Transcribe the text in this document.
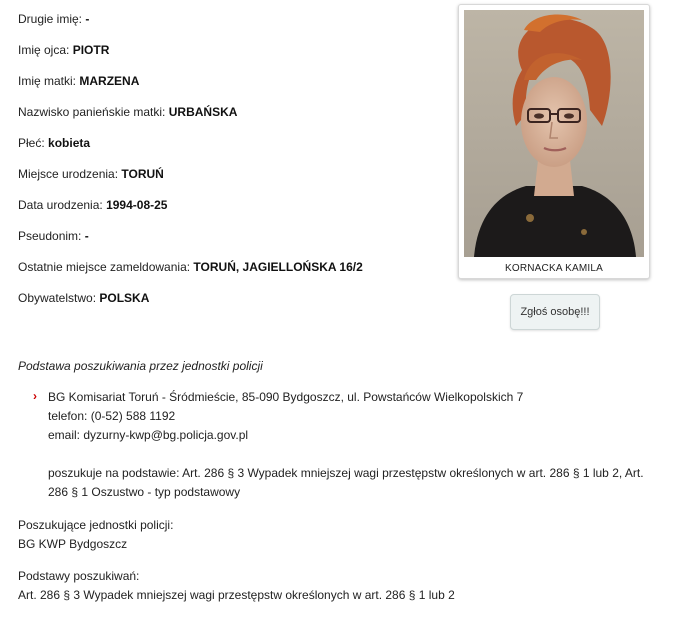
Drugie imię: -
Imię ojca: PIOTR
Imię matki: MARZENA
Nazwisko panieńskie matki: URBAŃSKA
Płeć: kobieta
Miejsce urodzenia: TORUŃ
Data urodzenia: 1994-08-25
Pseudonim: -
Ostatnie miejsce zameldowania: TORUŃ, JAGIELLOŃSKA 16/2
Obywatelstwo: POLSKA
KORNACKA KAMILA
Zgłoś osobę!!!
Podstawa poszukiwania przez jednostki policji
› BG Komisariat Toruń - Śródmieście, 85-090 Bydgoszcz, ul. Powstańców Wielkopolskich 7
telefon: (0-52) 588 1192
email: dyzurny-kwp@bg.policja.gov.pl
poszukuje na podstawie: Art. 286 § 3 Wypadek mniejszej wagi przestępstw określonych w art. 286 § 1 lub 2, Art.
286 § 1 Oszustwo - typ podstawowy
Poszukujące jednostki policji:
BG KWP Bydgoszcz
Podstawy poszukiwań:
Art. 286 § 3 Wypadek mniejszej wagi przestępstw określonych w art. 286 § 1 lub 2
